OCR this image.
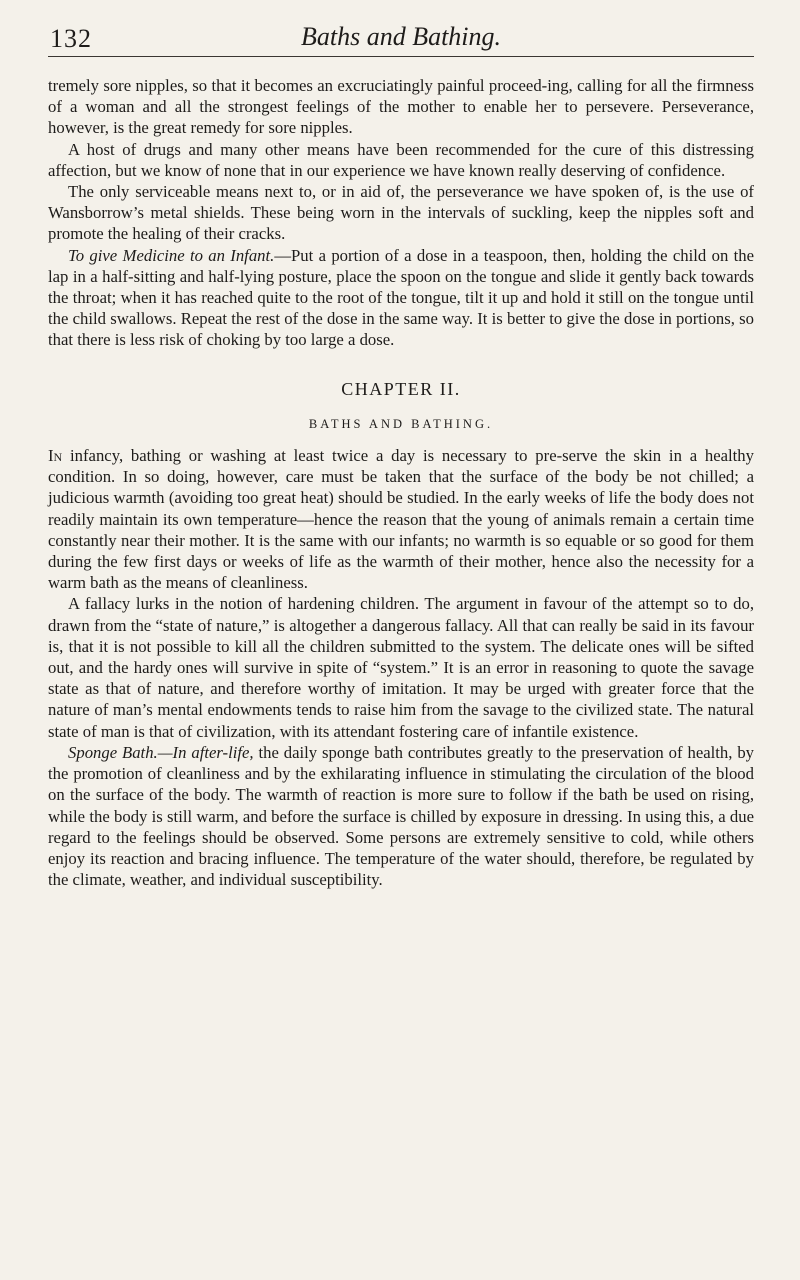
132	Baths and Bathing.

tremely sore nipples, so that it becomes an excruciatingly painful proceed-ing, calling for all the firmness of a woman and all the strongest feelings of the mother to enable her to persevere. Perseverance, however, is the great remedy for sore nipples.

A host of drugs and many other means have been recommended for the cure of this distressing affection, but we know of none that in our experience we have known really deserving of confidence.

The only serviceable means next to, or in aid of, the perseverance we have spoken of, is the use of Wansborrow’s metal shields. These being worn in the intervals of suckling, keep the nipples soft and promote the healing of their cracks.

To give Medicine to an Infant.—Put a portion of a dose in a teaspoon, then, holding the child on the lap in a half-sitting and half-lying posture, place the spoon on the tongue and slide it gently back towards the throat; when it has reached quite to the root of the tongue, tilt it up and hold it still on the tongue until the child swallows. Repeat the rest of the dose in the same way. It is better to give the dose in portions, so that there is less risk of choking by too large a dose.

CHAPTER II.
BATHS AND BATHING.

In infancy, bathing or washing at least twice a day is necessary to pre-serve the skin in a healthy condition. In so doing, however, care must be taken that the surface of the body be not chilled; a judicious warmth (avoiding too great heat) should be studied. In the early weeks of life the body does not readily maintain its own temperature—hence the reason that the young of animals remain a certain time constantly near their mother. It is the same with our infants; no warmth is so equable or so good for them during the few first days or weeks of life as the warmth of their mother, hence also the necessity for a warm bath as the means of cleanliness.

A fallacy lurks in the notion of hardening children. The argument in favour of the attempt so to do, drawn from the “state of nature,” is altogether a dangerous fallacy. All that can really be said in its favour is, that it is not possible to kill all the children submitted to the system. The delicate ones will be sifted out, and the hardy ones will survive in spite of “system.” It is an error in reasoning to quote the savage state as that of nature, and therefore worthy of imitation. It may be urged with greater force that the nature of man’s mental endowments tends to raise him from the savage to the civilized state. The natural state of man is that of civilization, with its attendant fostering care of infantile existence.

Sponge Bath.—In after-life, the daily sponge bath contributes greatly to the preservation of health, by the promotion of cleanliness and by the exhilarating influence in stimulating the circulation of the blood on the surface of the body. The warmth of reaction is more sure to follow if the bath be used on rising, while the body is still warm, and before the surface is chilled by exposure in dressing. In using this, a due regard to the feelings should be observed. Some persons are extremely sensitive to cold, while others enjoy its reaction and bracing influence. The temperature of the water should, therefore, be regulated by the climate, weather, and individual susceptibility.
